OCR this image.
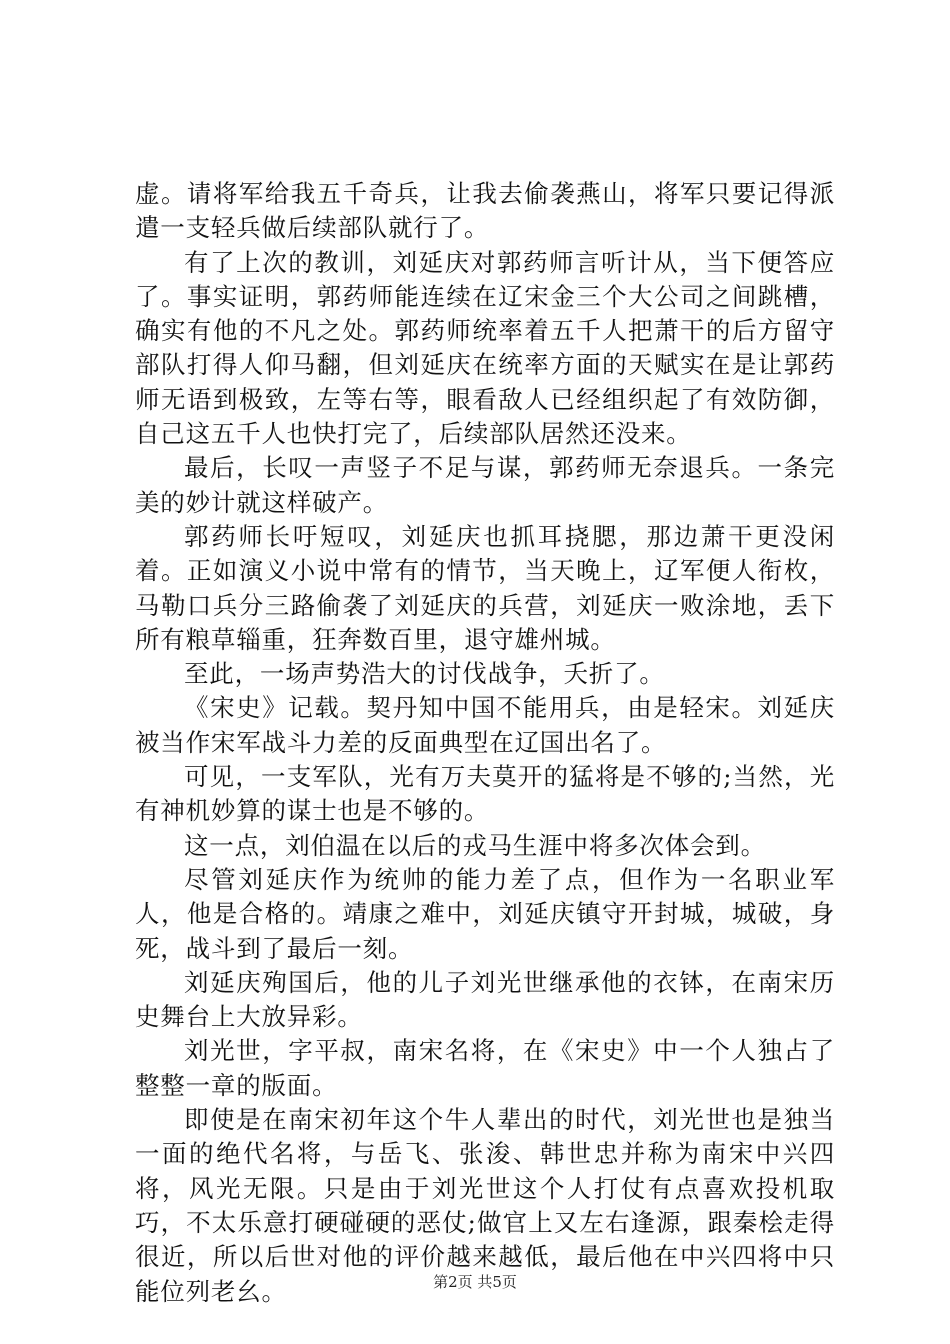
虚。请将军给我五千奇兵，让我去偷袭燕山，将军只要记得派遣一支轻兵做后续部队就行了。

有了上次的教训，刘延庆对郭药师言听计从，当下便答应了。事实证明，郭药师能连续在辽宋金三个大公司之间跳槽，确实有他的不凡之处。郭药师统率着五千人把萧干的后方留守部队打得人仰马翻，但刘延庆在统率方面的天赋实在是让郭药师无语到极致，左等右等，眼看敌人已经组织起了有效防御，自己这五千人也快打完了，后续部队居然还没来。

最后，长叹一声竖子不足与谋，郭药师无奈退兵。一条完美的妙计就这样破产。

郭药师长吁短叹，刘延庆也抓耳挠腮，那边萧干更没闲着。正如演义小说中常有的情节，当天晚上，辽军便人衔枚，马勒口兵分三路偷袭了刘延庆的兵营，刘延庆一败涂地，丢下所有粮草辎重，狂奔数百里，退守雄州城。

至此，一场声势浩大的讨伐战争，夭折了。

《宋史》记载。契丹知中国不能用兵，由是轻宋。刘延庆被当作宋军战斗力差的反面典型在辽国出名了。

可见，一支军队，光有万夫莫开的猛将是不够的;当然，光有神机妙算的谋士也是不够的。

这一点，刘伯温在以后的戎马生涯中将多次体会到。

尽管刘延庆作为统帅的能力差了点，但作为一名职业军人，他是合格的。靖康之难中，刘延庆镇守开封城，城破，身死，战斗到了最后一刻。

刘延庆殉国后，他的儿子刘光世继承他的衣钵，在南宋历史舞台上大放异彩。

刘光世，字平叔，南宋名将，在《宋史》中一个人独占了整整一章的版面。

即使是在南宋初年这个牛人辈出的时代，刘光世也是独当一面的绝代名将，与岳飞、张浚、韩世忠并称为南宋中兴四将，风光无限。只是由于刘光世这个人打仗有点喜欢投机取巧，不太乐意打硬碰硬的恶仗;做官上又左右逢源，跟秦桧走得很近，所以后世对他的评价越来越低，最后他在中兴四将中只能位列老幺。	第2页 共5页
